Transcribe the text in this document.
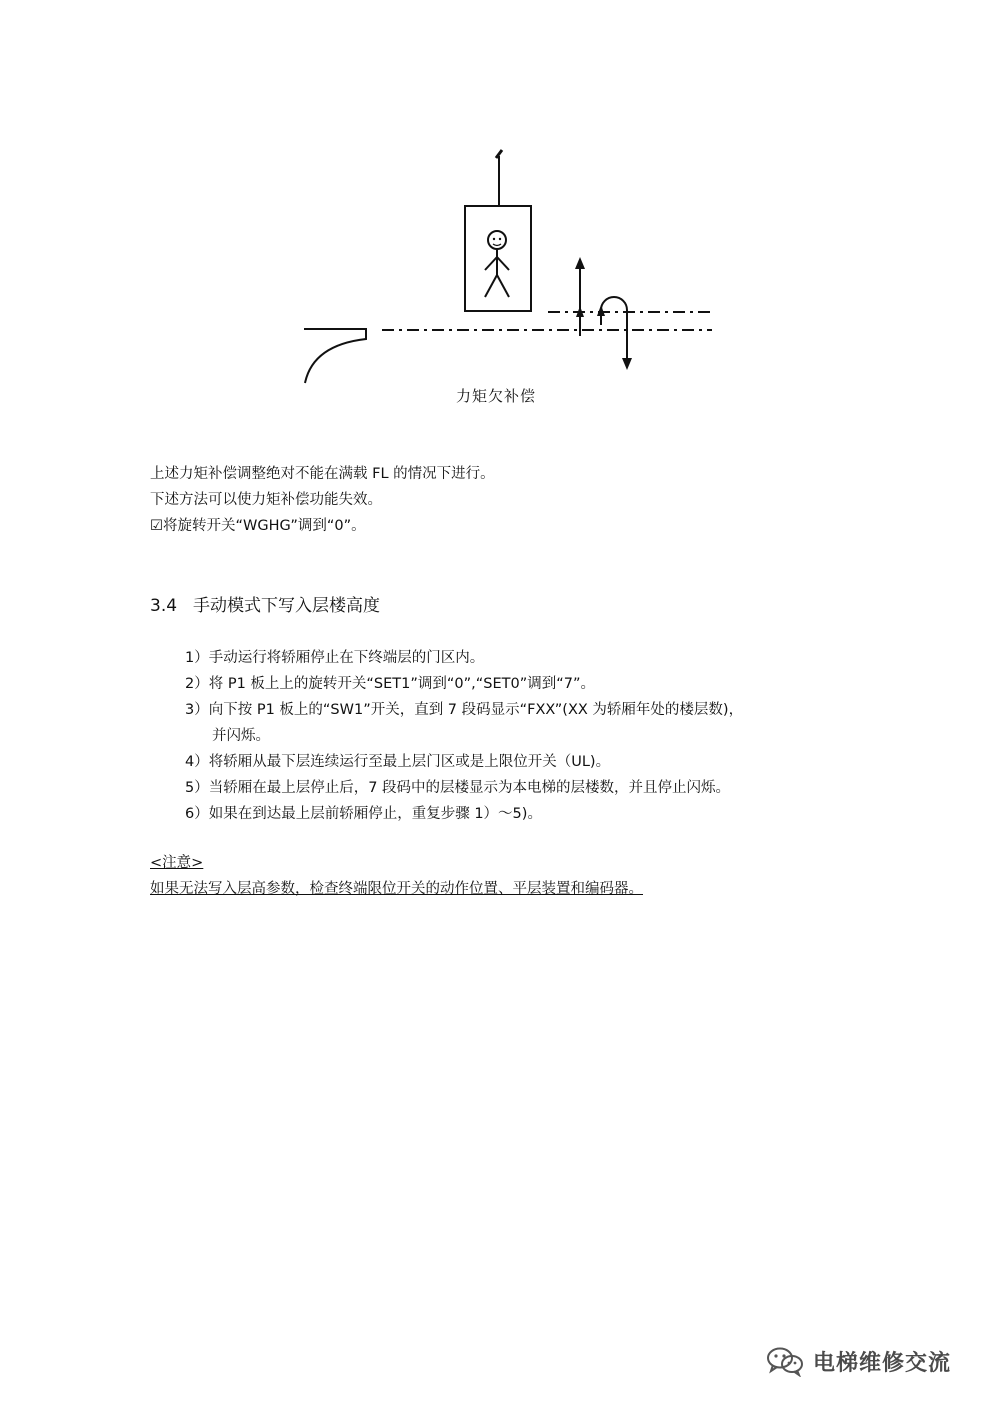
力矩欠补偿
上述力矩补偿调整绝对不能在满载 FL 的情况下进行。
下述方法可以使力矩补偿功能失效。
☑将旋转开关“WGHG”调到“0”。
3.4 手动模式下写入层楼高度
1）手动运行将轿厢停止在下终端层的门区内。
2）将 P1 板上上的旋转开关“SET1”调到“0”,“SET0”调到“7”。
3）向下按 P1 板上的“SW1”开关，直到 7 段码显示“FXX”(XX 为轿厢年处的楼层数)，
并闪烁。
4）将轿厢从最下层连续运行至最上层门区或是上限位开关（UL)。
5）当轿厢在最上层停止后，7 段码中的层楼显示为本电梯的层楼数，并且停止闪烁。
6）如果在到达最上层前轿厢停止，重复步骤 1）～5)。
<注意>
如果无法写入层高参数，检查终端限位开关的动作位置、平层装置和编码器。
电梯维修交流
